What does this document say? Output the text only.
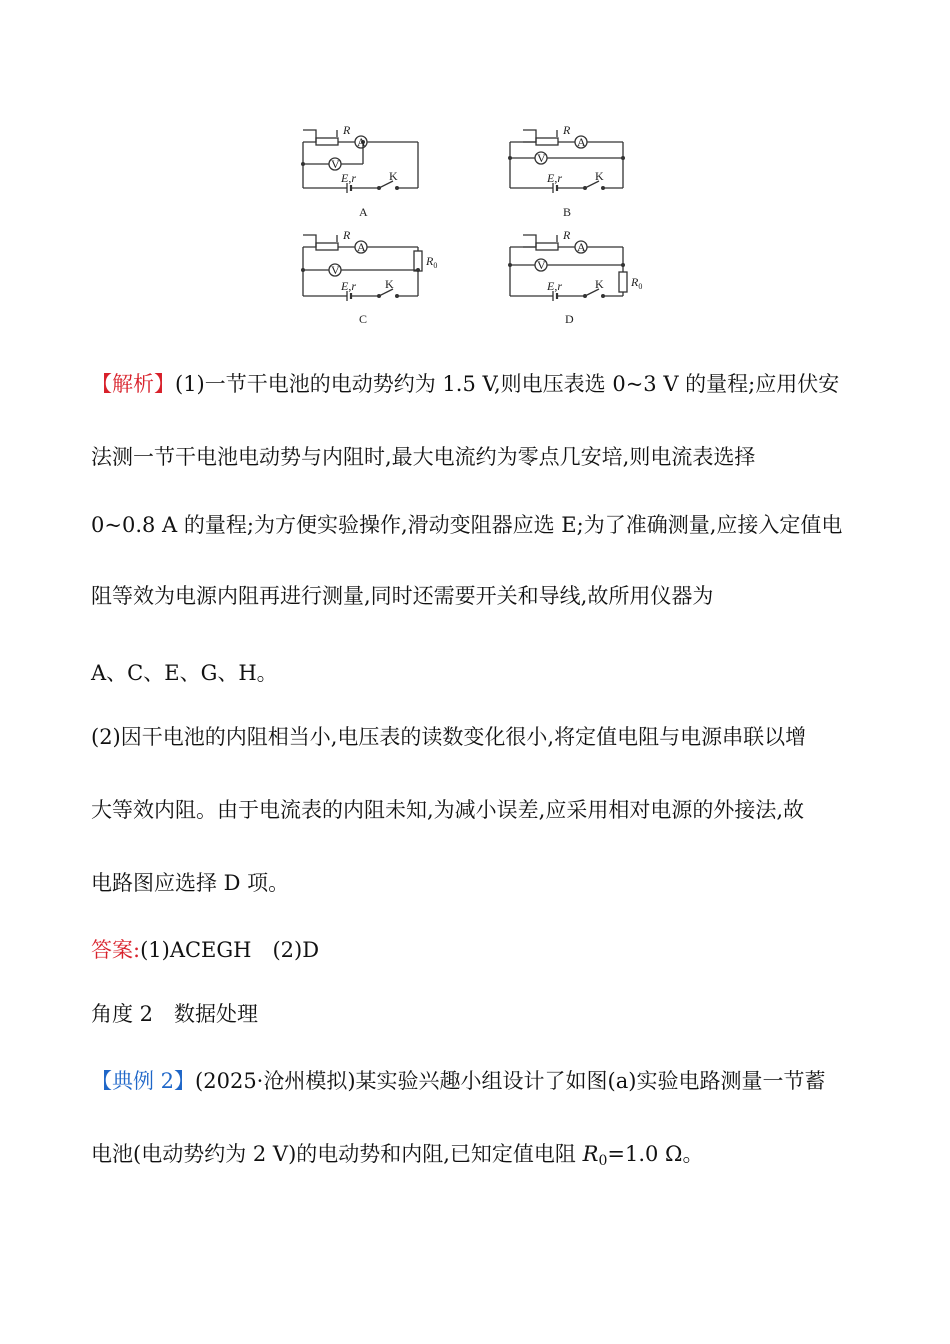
R
A
V
E,r	K
A
R
A
V
E,r	K
B
R
A
V
E,r K
$R_0$
C
R
A
V
E,r	K $R_0$
D
【解析】(1)一节干电池的电动势约为 1.5 V,则电压表选 0~3 V 的量程;应用伏安
法测一节干电池电动势与内阻时,最大电流约为零点几安培,则电流表选择
0~0.8 A 的量程;为方便实验操作,滑动变阻器应选 E;为了准确测量,应接入定值电
阻等效为电源内阻再进行测量,同时还需要开关和导线,故所用仪器为
A、C、E、G、H。
(2)因干电池的内阻相当小,电压表的读数变化很小,将定值电阻与电源串联以增
大等效内阻。由于电流表的内阻未知,为减小误差,应采用相对电源的外接法,故
电路图应选择 D 项。
答案:(1)ACEGH　(2)D
角度 2　数据处理
【典例 2】(2025·沧州模拟)某实验兴趣小组设计了如图(a)实验电路测量一节蓄
电池(电动势约为 2 V)的电动势和内阻,已知定值电阻 $R_0=1.0$ Ω。
